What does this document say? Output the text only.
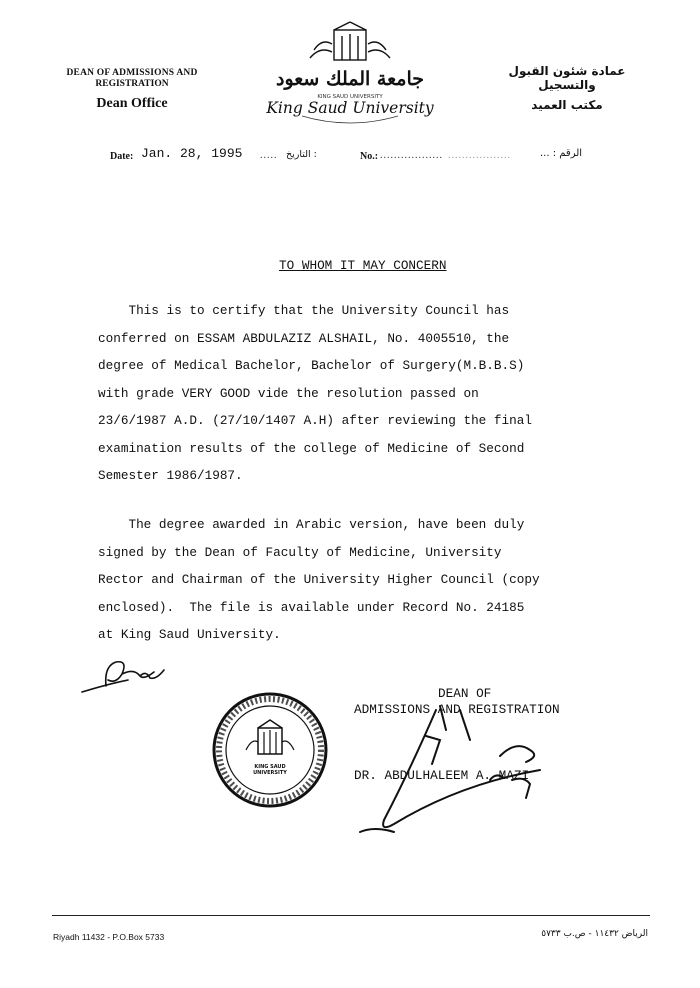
DEAN OF ADMISSIONS AND
REGISTRATION
Dean Office
عمادة شئون القبول والتسجيل
مكتب العميد
KING SAUD UNIVERSITY
جامعة الملك سعود
King Saud University
Date: Jan. 28, 1995 ..... : التاريخ	No.: .................. ..................	الرقم : ...
TO WHOM IT MAY CONCERN
This is to certify that the University Council has
conferred on ESSAM ABDULAZIZ ALSHAIL, No. 4005510, the
degree of Medical Bachelor, Bachelor of Surgery(M.B.B.S)
with grade VERY GOOD vide the resolution passed on
23/6/1987 A.D. (27/10/1407 A.H) after reviewing the final
examination results of the college of Medicine of Second
Semester 1986/1987.
The degree awarded in Arabic version, have been duly
signed by the Dean of Faculty of Medicine, University
Rector and Chairman of the University Higher Council (copy
enclosed).  The file is available under Record No. 24185
at King Saud University.
KING SAUD UNIVERSITY
DEAN OF
ADMISSIONS AND REGISTRATION
DR. ABDULHALEEM A. MAZI
Riyadh 11432 - P.O.Box 5733	الرياض ١١٤٣٢ - ص.ب ٥٧٣٣
